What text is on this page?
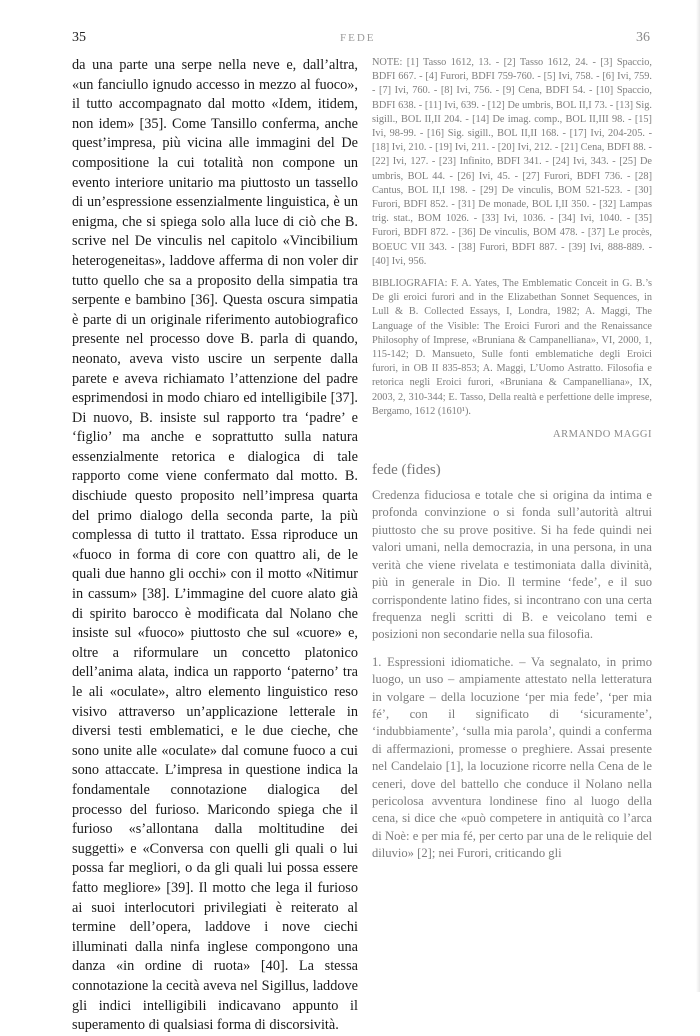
35	FEDE	36

da una parte una serpe nella neve e, dall’altra, «un fanciullo ignudo accesso in mezzo al fuoco», il tutto accompagnato dal motto «Idem, itidem, non idem» [35]. Come Tansillo conferma, anche quest’impresa, più vicina alle immagini del De compositione la cui totalità non compone un evento interiore unitario ma piuttosto un tassello di un’espressione essenzialmente linguistica, è un enigma, che si spiega solo alla luce di ciò che B. scrive nel De vinculis nel capitolo «Vincibilium heterogeneitas», laddove afferma di non voler dir tutto quello che sa a proposito della simpatia tra serpente e bambino [36]. Questa oscura simpatia è parte di un originale riferimento autobiografico presente nel processo dove B. parla di quando, neonato, aveva visto uscire un serpente dalla parete e aveva richiamato l’attenzione del padre esprimendosi in modo chiaro ed intelligibile [37]. Di nuovo, B. insiste sul rapporto tra ‘padre’ e ‘figlio’ ma anche e soprattutto sulla natura essenzialmente retorica e dialogica di tale rapporto come viene confermato dal motto. B. dischiude questo proposito nell’impresa quarta del primo dialogo della seconda parte, la più complessa di tutto il trattato. Essa riproduce un «fuoco in forma di core con quattro ali, de le quali due hanno gli occhi» con il motto «Nitimur in cassum» [38]. L’immagine del cuore alato già di spirito barocco è modificata dal Nolano che insiste sul «fuoco» piuttosto che sul «cuore» e, oltre a riformulare un concetto platonico dell’anima alata, indica un rapporto ‘paterno’ tra le ali «oculate», altro elemento linguistico reso visivo attraverso un’applicazione letterale in diversi testi emblematici, e le due cieche, che sono unite alle «oculate» dal comune fuoco a cui sono attaccate. L’impresa in questione indica la fondamentale connotazione dialogica del processo del furioso. Maricondo spiega che il furioso «s’allontana dalla moltitudine dei suggetti» e «Conversa con quelli gli quali o lui possa far megliori, o da gli quali lui possa essere fatto megliore» [39]. Il motto che lega il furioso ai suoi interlocutori privilegiati è reiterato al termine dell’opera, laddove i nove ciechi illuminati dalla ninfa inglese compongono una danza «in ordine di ruota» [40]. La stessa connotazione la cecità aveva nel Sigillus, laddove gli indici intelligibili indicavano appunto il superamento di qualsiasi forma di discorsività.

NOTE: [1] Tasso 1612, 13. - [2] Tasso 1612, 24. - [3] Spaccio, BDFI 667. - [4] Furori, BDFI 759-760. - [5] Ivi, 758. - [6] Ivi, 759. - [7] Ivi, 760. - [8] Ivi, 756. - [9] Cena, BDFI 54. - [10] Spaccio, BDFI 638. - [11] Ivi, 639. - [12] De umbris, BOL II,I 73. - [13] Sig. sigill., BOL II,II 204. - [14] De imag. comp., BOL II,III 98. - [15] Ivi, 98-99. - [16] Sig. sigill., BOL II,II 168. - [17] Ivi, 204-205. - [18] Ivi, 210. - [19] Ivi, 211. - [20] Ivi, 212. - [21] Cena, BDFI 88. - [22] Ivi, 127. - [23] Infinito, BDFI 341. - [24] Ivi, 343. - [25] De umbris, BOL 44. - [26] Ivi, 45. - [27] Furori, BDFI 736. - [28] Cantus, BOL II,I 198. - [29] De vinculis, BOM 521-523. - [30] Furori, BDFI 852. - [31] De monade, BOL I,II 350. - [32] Lampas trig. stat., BOM 1026. - [33] Ivi, 1036. - [34] Ivi, 1040. - [35] Furori, BDFI 872. - [36] De vinculis, BOM 478. - [37] Le procès, BOEUC VII 343. - [38] Furori, BDFI 887. - [39] Ivi, 888-889. - [40] Ivi, 956.

BIBLIOGRAFIA: F. A. Yates, The Emblematic Conceit in G. B.’s De gli eroici furori and in the Elizabethan Sonnet Sequences, in Lull & B. Collected Essays, I, Londra, 1982; A. Maggi, The Language of the Visible: The Eroici Furori and the Renaissance Philosophy of Imprese, «Bruniana & Campanelliana», VI, 2000, 1, 115-142; D. Mansueto, Sulle fonti emblematiche degli Eroici furori, in OB II 835-853; A. Maggi, L’Uomo Astratto. Filosofia e retorica negli Eroici furori, «Bruniana & Campanelliana», IX, 2003, 2, 310-344; E. Tasso, Della realtà e perfettione delle imprese, Bergamo, 1612 (1610¹).

ARMANDO MAGGI

fede (fides)

Credenza fiduciosa e totale che si origina da intima e profonda convinzione o si fonda sull’autorità altrui piuttosto che su prove positive. Si ha fede quindi nei valori umani, nella democrazia, in una persona, in una verità che viene rivelata e testimoniata dalla divinità, più in generale in Dio. Il termine ‘fede’, e il suo corrispondente latino fides, si incontrano con una certa frequenza negli scritti di B. e veicolano temi e posizioni non secondarie nella sua filosofia.

1. Espressioni idiomatiche. – Va segnalato, in primo luogo, un uso – ampiamente attestato nella letteratura in volgare – della locuzione ‘per mia fede’, ‘per mia fé’, con il significato di ‘sicuramente’, ‘indubbiamente’, ‘sulla mia parola’, quindi a conferma di affermazioni, promesse o preghiere. Assai presente nel Candelaio [1], la locuzione ricorre nella Cena de le ceneri, dove del battello che conduce il Nolano nella pericolosa avventura londinese fino al luogo della cena, si dice che «può competere in antiquità co l’arca di Noè: e per mia fé, per certo par una de le reliquie del diluvio» [2]; nei Furori, criticando gli
